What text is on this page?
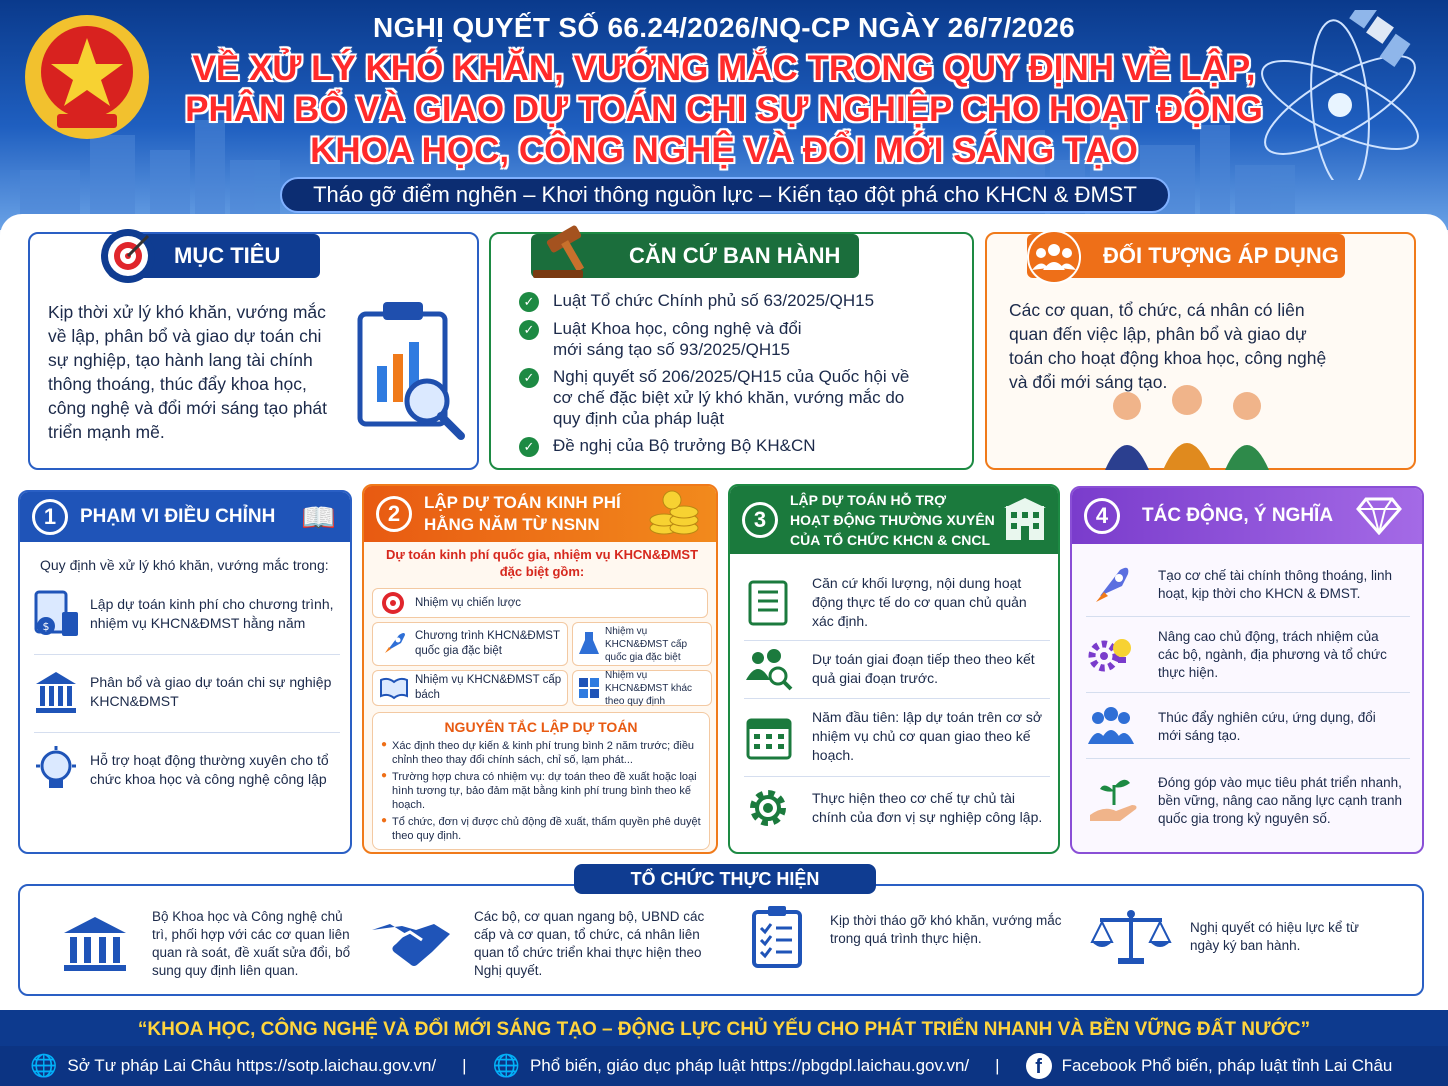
NGHỊ QUYẾT SỐ 66.24/2026/NQ-CP NGÀY 26/7/2026
VỀ XỬ LÝ KHÓ KHĂN, VƯỚNG MẮC TRONG QUY ĐỊNH VỀ LẬP,
PHÂN BỔ VÀ GIAO DỰ TOÁN CHI SỰ NGHIỆP CHO HOẠT ĐỘNG
KHOA HỌC, CÔNG NGHỆ VÀ ĐỔI MỚI SÁNG TẠO
Tháo gỡ điểm nghẽn – Khơi thông nguồn lực – Kiến tạo đột phá cho KHCN & ĐMST
MỤC TIÊU
Kịp thời xử lý khó khăn, vướng mắc về lập, phân bổ và giao dự toán chi sự nghiệp, tạo hành lang tài chính thông thoáng, thúc đẩy khoa học, công nghệ và đổi mới sáng tạo phát triển mạnh mẽ.
CĂN CỨ BAN HÀNH
✓ Luật Tổ chức Chính phủ số 63/2025/QH15
✓ Luật Khoa học, công nghệ và đổi mới sáng tạo số 93/2025/QH15
✓ Nghị quyết số 206/2025/QH15 của Quốc hội về cơ chế đặc biệt xử lý khó khăn, vướng mắc do quy định của pháp luật
✓ Đề nghị của Bộ trưởng Bộ KH&CN
ĐỐI TƯỢNG ÁP DỤNG
Các cơ quan, tổ chức, cá nhân có liên quan đến việc lập, phân bổ và giao dự toán cho hoạt động khoa học, công nghệ và đổi mới sáng tạo.
1	PHẠM VI ĐIỀU CHỈNH 📖
Quy định về xử lý khó khăn, vướng mắc trong:
$
Lập dự toán kinh phí cho chương trình, nhiệm vụ KHCN&ĐMST hằng năm
Phân bổ và giao dự toán chi sự nghiệp KHCN&ĐMST
Hỗ trợ hoạt động thường xuyên cho tổ chức khoa học và công nghệ công lập
2	LẬP DỰ TOÁN KINH PHÍ
HẰNG NĂM TỪ NSNN
Dự toán kinh phí quốc gia, nhiệm vụ KHCN&ĐMST đặc biệt gồm:
Nhiệm vụ chiến lược
Chương trình KHCN&ĐMST quốc gia đặc biệt
Nhiệm vụ KHCN&ĐMST cấp quốc gia đặc biệt
Nhiệm vụ KHCN&ĐMST cấp bách
Nhiệm vụ KHCN&ĐMST khác theo quy định
NGUYÊN TẮC LẬP DỰ TOÁN
● Xác định theo dự kiến & kinh phí trung bình 2 năm trước; điều chỉnh theo thay đổi chính sách, chỉ số, lạm phát...
● Trường hợp chưa có nhiệm vụ: dự toán theo đề xuất hoặc loại hình tương tự, bảo đảm mặt bằng kinh phí trung bình theo kế hoạch.
● Tổ chức, đơn vị được chủ động đề xuất, thẩm quyền phê duyệt theo quy định.
3
LẬP DỰ TOÁN HỖ TRỢ
HOẠT ĐỘNG THƯỜNG XUYÊN
CỦA TỔ CHỨC KHCN & CNCL
Căn cứ khối lượng, nội dung hoạt động thực tế do cơ quan chủ quản xác định.
Dự toán giai đoạn tiếp theo theo kết quả giai đoạn trước.
Năm đầu tiên: lập dự toán trên cơ sở nhiệm vụ chủ cơ quan giao theo kế hoạch.
Thực hiện theo cơ chế tự chủ tài chính của đơn vị sự nghiệp công lập.
4	TÁC ĐỘNG, Ý NGHĨA
Tạo cơ chế tài chính thông thoáng, linh hoạt, kịp thời cho KHCN & ĐMST.
Nâng cao chủ động, trách nhiệm của các bộ, ngành, địa phương và tổ chức thực hiện.
Thúc đẩy nghiên cứu, ứng dụng, đổi mới sáng tạo.
Đóng góp vào mục tiêu phát triển nhanh, bền vững, nâng cao năng lực cạnh tranh quốc gia trong kỷ nguyên số.
Bộ Khoa học và Công nghệ chủ trì, phối hợp với các cơ quan liên quan rà soát, đề xuất sửa đổi, bổ sung quy định liên quan.
Các bộ, cơ quan ngang bộ, UBND các cấp và cơ quan, tổ chức, cá nhân liên quan tổ chức triển khai thực hiện theo Nghị quyết.
Kịp thời tháo gỡ khó khăn, vướng mắc trong quá trình thực hiện.
Nghị quyết có hiệu lực kể từ ngày ký ban hành.
TỔ CHỨC THỰC HIỆN
“KHOA HỌC, CÔNG NGHỆ VÀ ĐỔI MỚI SÁNG TẠO – ĐỘNG LỰC CHỦ YẾU CHO PHÁT TRIỂN NHANH VÀ BỀN VỮNG ĐẤT NƯỚC”
🌐 Sở Tư pháp Lai Châu https://sotp.laichau.gov.vn/ | 🌐 Phổ biến, giáo dục pháp luật https://pbgdpl.laichau.gov.vn/ |	f	Facebook Phổ biến, pháp luật tỉnh Lai Châu
